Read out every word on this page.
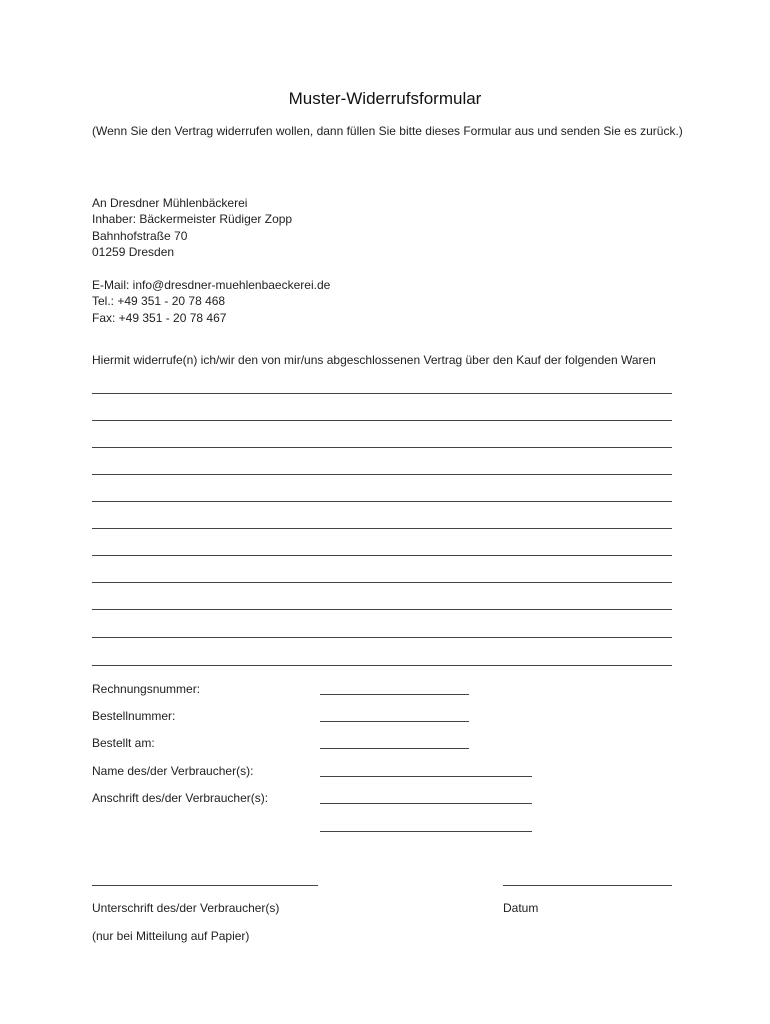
Muster-Widerrufsformular
(Wenn Sie den Vertrag widerrufen wollen, dann füllen Sie bitte dieses Formular aus und senden Sie es zurück.)
An Dresdner Mühlenbäckerei
Inhaber: Bäckermeister Rüdiger Zopp
Bahnhofstraße 70
01259 Dresden
E-Mail: info@dresdner-muehlenbaeckerei.de
Tel.: +49 351 - 20 78 468
Fax: +49 351 - 20 78 467
Hiermit widerrufe(n) ich/wir den von mir/uns abgeschlossenen Vertrag über den Kauf der folgenden Waren
Rechnungsnummer:
Bestellnummer:
Bestellt am:
Name des/der Verbraucher(s):
Anschrift des/der Verbraucher(s):
Unterschrift des/der Verbraucher(s)	Datum
(nur bei Mitteilung auf Papier)
